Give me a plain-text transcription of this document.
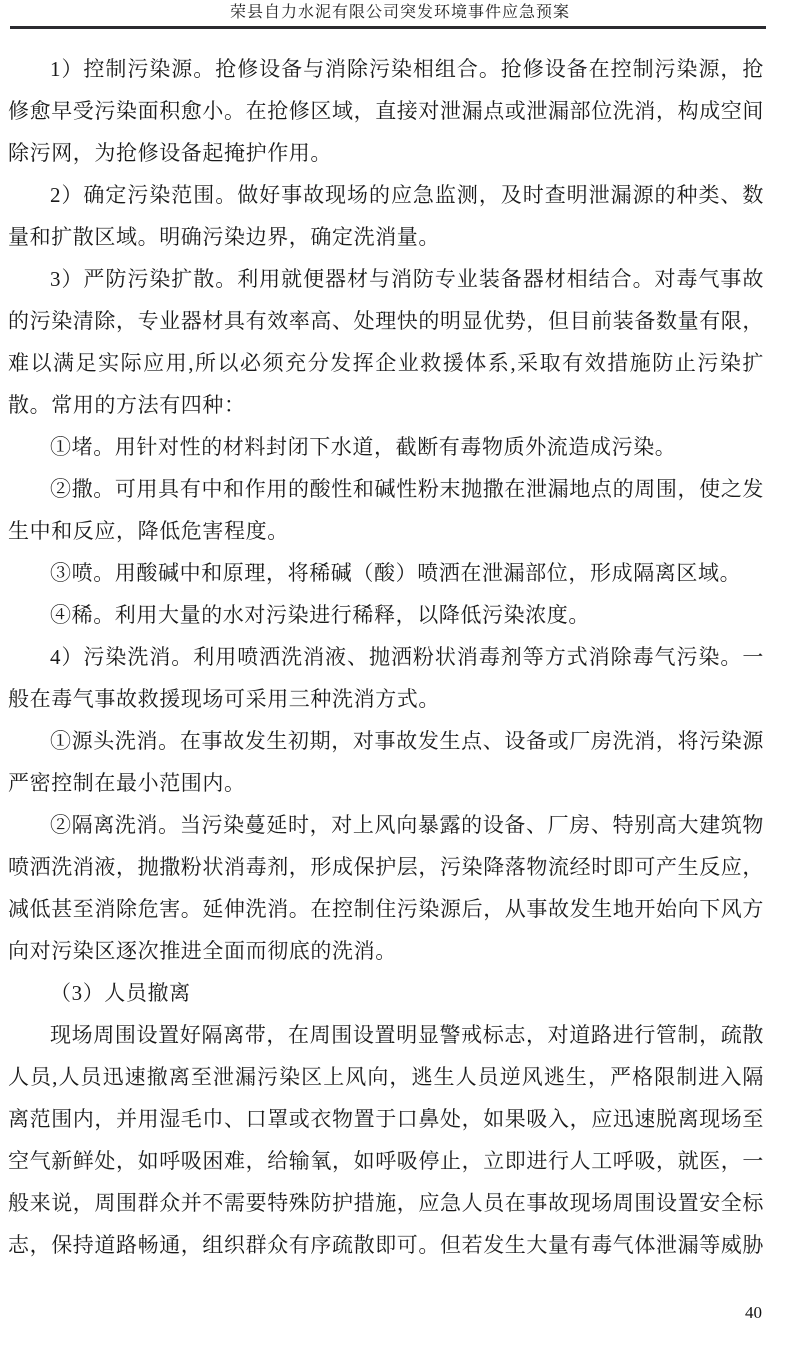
荣县自力水泥有限公司突发环境事件应急预案

1）控制污染源。抢修设备与消除污染相组合。抢修设备在控制污染源，抢修愈早受污染面积愈小。在抢修区域，直接对泄漏点或泄漏部位洗消，构成空间除污网，为抢修设备起掩护作用。

2）确定污染范围。做好事故现场的应急监测，及时查明泄漏源的种类、数量和扩散区域。明确污染边界，确定洗消量。

3）严防污染扩散。利用就便器材与消防专业装备器材相结合。对毒气事故的污染清除，专业器材具有效率高、处理快的明显优势，但目前装备数量有限，难以满足实际应用,所以必须充分发挥企业救援体系,采取有效措施防止污染扩散。常用的方法有四种：

①堵。用针对性的材料封闭下水道，截断有毒物质外流造成污染。

②撒。可用具有中和作用的酸性和碱性粉末抛撒在泄漏地点的周围，使之发生中和反应，降低危害程度。

③喷。用酸碱中和原理，将稀碱（酸）喷洒在泄漏部位，形成隔离区域。

④稀。利用大量的水对污染进行稀释，以降低污染浓度。

4）污染洗消。利用喷洒洗消液、抛洒粉状消毒剂等方式消除毒气污染。一般在毒气事故救援现场可采用三种洗消方式。

①源头洗消。在事故发生初期，对事故发生点、设备或厂房洗消，将污染源严密控制在最小范围内。

②隔离洗消。当污染蔓延时，对上风向暴露的设备、厂房、特别高大建筑物喷洒洗消液，抛撒粉状消毒剂，形成保护层，污染降落物流经时即可产生反应，减低甚至消除危害。延伸洗消。在控制住污染源后，从事故发生地开始向下风方向对污染区逐次推进全面而彻底的洗消。

（3）人员撤离

现场周围设置好隔离带，在周围设置明显警戒标志，对道路进行管制，疏散人员,人员迅速撤离至泄漏污染区上风向，逃生人员逆风逃生，严格限制进入隔离范围内，并用湿毛巾、口罩或衣物置于口鼻处，如果吸入，应迅速脱离现场至空气新鲜处，如呼吸困难，给输氧，如呼吸停止，立即进行人工呼吸，就医，一般来说，周围群众并不需要特殊防护措施，应急人员在事故现场周围设置安全标志，保持道路畅通，组织群众有序疏散即可。但若发生大量有毒气体泄漏等威胁

40
